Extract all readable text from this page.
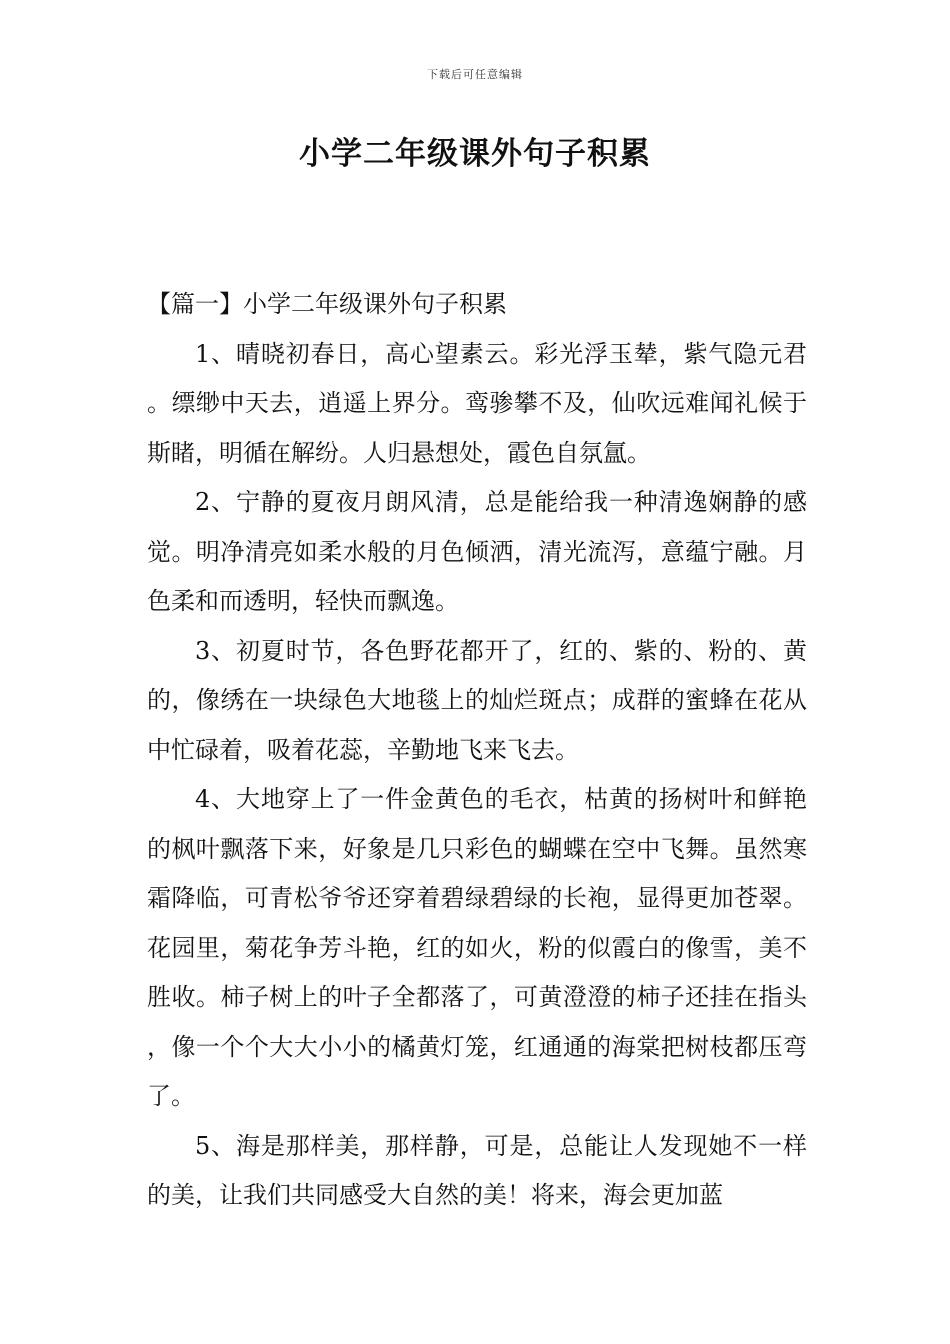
下载后可任意编辑
小学二年级课外句子积累

【篇一】小学二年级课外句子积累

1、晴晓初春日，高心望素云。彩光浮玉辇，紫气隐元君。缥缈中天去，逍遥上界分。鸾骖攀不及，仙吹远难闻礼候于斯睹，明循在解纷。人归悬想处，霞色自氛氲。

2、宁静的夏夜月朗风清，总是能给我一种清逸娴静的感觉。明净清亮如柔水般的月色倾洒，清光流泻，意蕴宁融。月色柔和而透明，轻快而飘逸。

3、初夏时节，各色野花都开了，红的、紫的、粉的、黄的，像绣在一块绿色大地毯上的灿烂斑点；成群的蜜蜂在花从中忙碌着，吸着花蕊，辛勤地飞来飞去。

4、大地穿上了一件金黄色的毛衣，枯黄的扬树叶和鲜艳的枫叶飘落下来，好象是几只彩色的蝴蝶在空中飞舞。虽然寒霜降临，可青松爷爷还穿着碧绿碧绿的长袍，显得更加苍翠。花园里，菊花争芳斗艳，红的如火，粉的似霞白的像雪，美不胜收。柿子树上的叶子全都落了，可黄澄澄的柿子还挂在指头，像一个个大大小小的橘黄灯笼，红通通的海棠把树枝都压弯了。

5、海是那样美，那样静，可是，总能让人发现她不一样的美，让我们共同感受大自然的美！将来，海会更加蓝
